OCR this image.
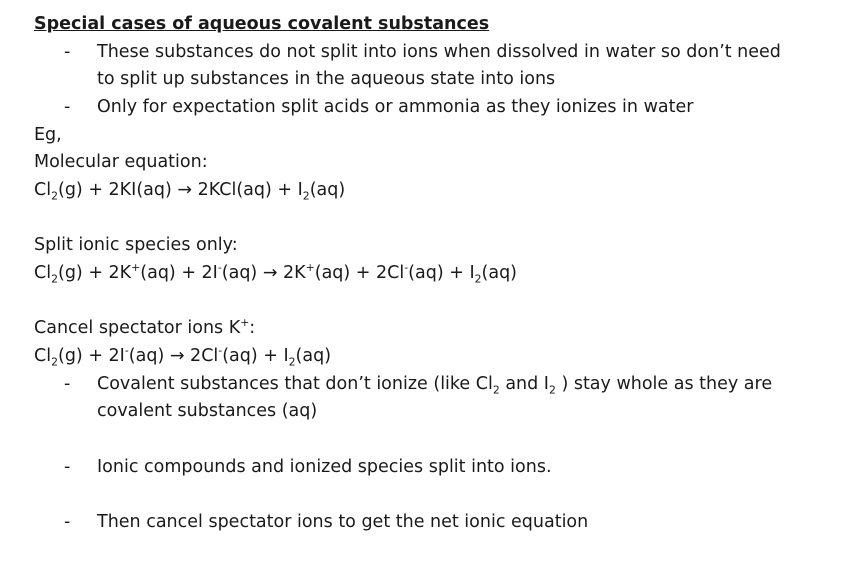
Special cases of aqueous covalent substances
- These substances do not split into ions when dissolved in water so don’t need
to split up substances in the aqueous state into ions
- Only for expectation split acids or ammonia as they ionizes in water
Eg,
Molecular equation:
$Cl_2(g) + 2KI(aq) \to 2KCl(aq) + I_2(aq)$
Split ionic species only:
$Cl_2(g) + 2K^+(aq) + 2I^-(aq) \to 2K^+(aq) + 2Cl^-(aq) + I_2(aq)$
Cancel spectator ions K+:
$Cl_2(g) + 2I^-(aq) \to 2Cl^-(aq) + I_2(aq)$
- Covalent substances that don’t ionize (like $Cl_2$ and $I_2$ ) stay whole as they are
covalent substances (aq)
- Ionic compounds and ionized species split into ions.
- Then cancel spectator ions to get the net ionic equation
